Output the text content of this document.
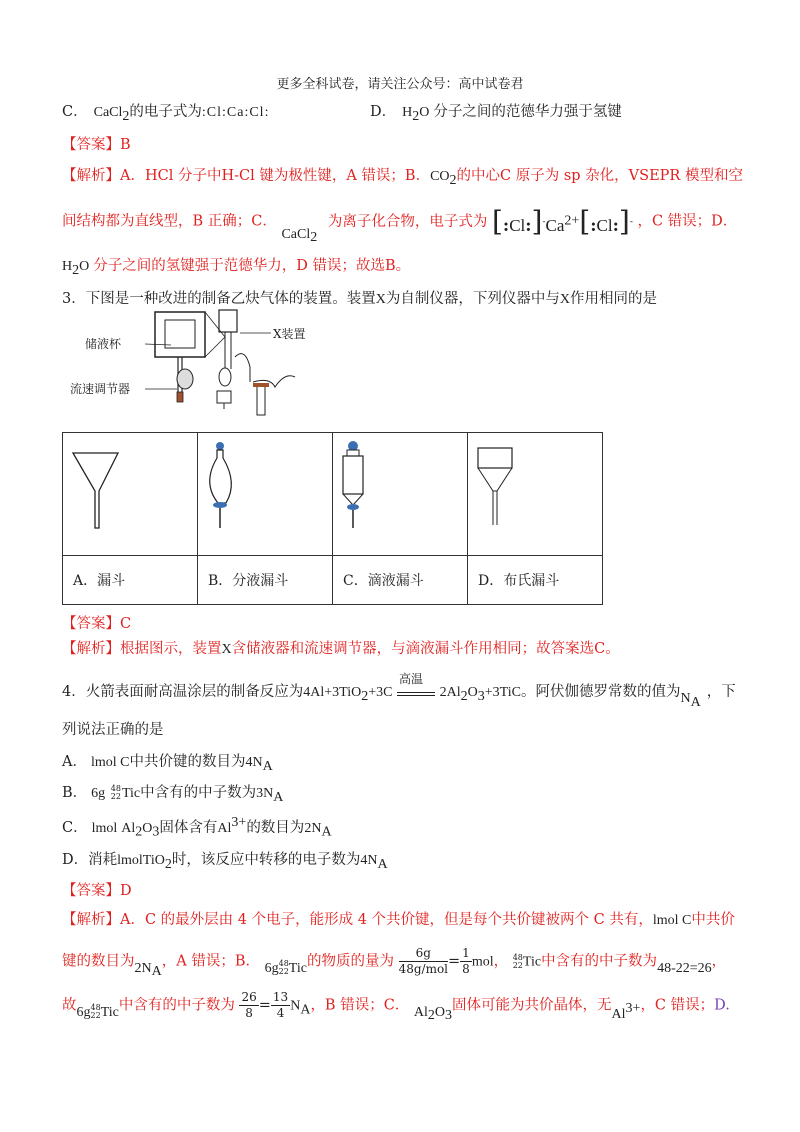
更多全科试卷，请关注公众号：高中试卷君
C． CaCl$_2$的电子式为:Cl:Ca:Cl:	D． $H_2O$ 分子之间的范德华力强于氢键
【答案】B
【解析】A．HCl 分子中H-Cl 键为极性键，A 错误；B．$CO_2$的中心C 原子为 sp 杂化，VSEPR 模型和空
间结构都为直线型，B 正确；C． CaCl$_2$ 为离子化合物，电子式为 $[:Cl:]^-Ca^{2+}[:Cl:]^-$ ，C 错误；D．
$H_2O$ 分子之间的氢键强于范德华力，D 错误；故选B。
3．下图是一种改进的制备乙炔气体的装置。装置X为自制仪器，下列仪器中与X作用相同的是
储液杯
流速调节器
X装置

A．漏斗	B．分液漏斗	C．滴液漏斗	D．布氏漏斗
【答案】C
【解析】根据图示，装置X含储液器和流速调节器，与滴液漏斗作用相同；故答案选C。
4．火箭表面耐高温涂层的制备反应为4Al+3TiO$_2$+3C
高温
$2Al_2O_3+3TiC$。阿伏伽德罗常数的值为$N_A$，下
列说法正确的是
A． lmol C中共价键的数目为$4N_A$
B． 6g 48
22Tic中含有的中子数为$3N_A$
C． lmol $Al_2O_3$固体含有$Al^{3+}$的数目为$2N_A$
D．消耗lmolTiO$_2$时，该反应中转移的电子数为$4N_A$
【答案】D
【解析】A．C 的最外层由 4 个电子，能形成 4 个共价键，但是每个共价键被两个 C 共有，lmol C中共价
键的数目为$2N_A$，A 错误；B． 6g48
22Tic的物质的量为
6g
$48g/mol = \frac{1}{8}$ mol， 48
22Tic中含有的中子数为48-22=26，
故6g48
22Tic中含有的中子数为 $\frac{26}{8} = \frac{13}{4} N_A$，B 错误；C． $Al_2O_3$固体可能为共价晶体，无$Al^{3+}$，C 错误；D.
